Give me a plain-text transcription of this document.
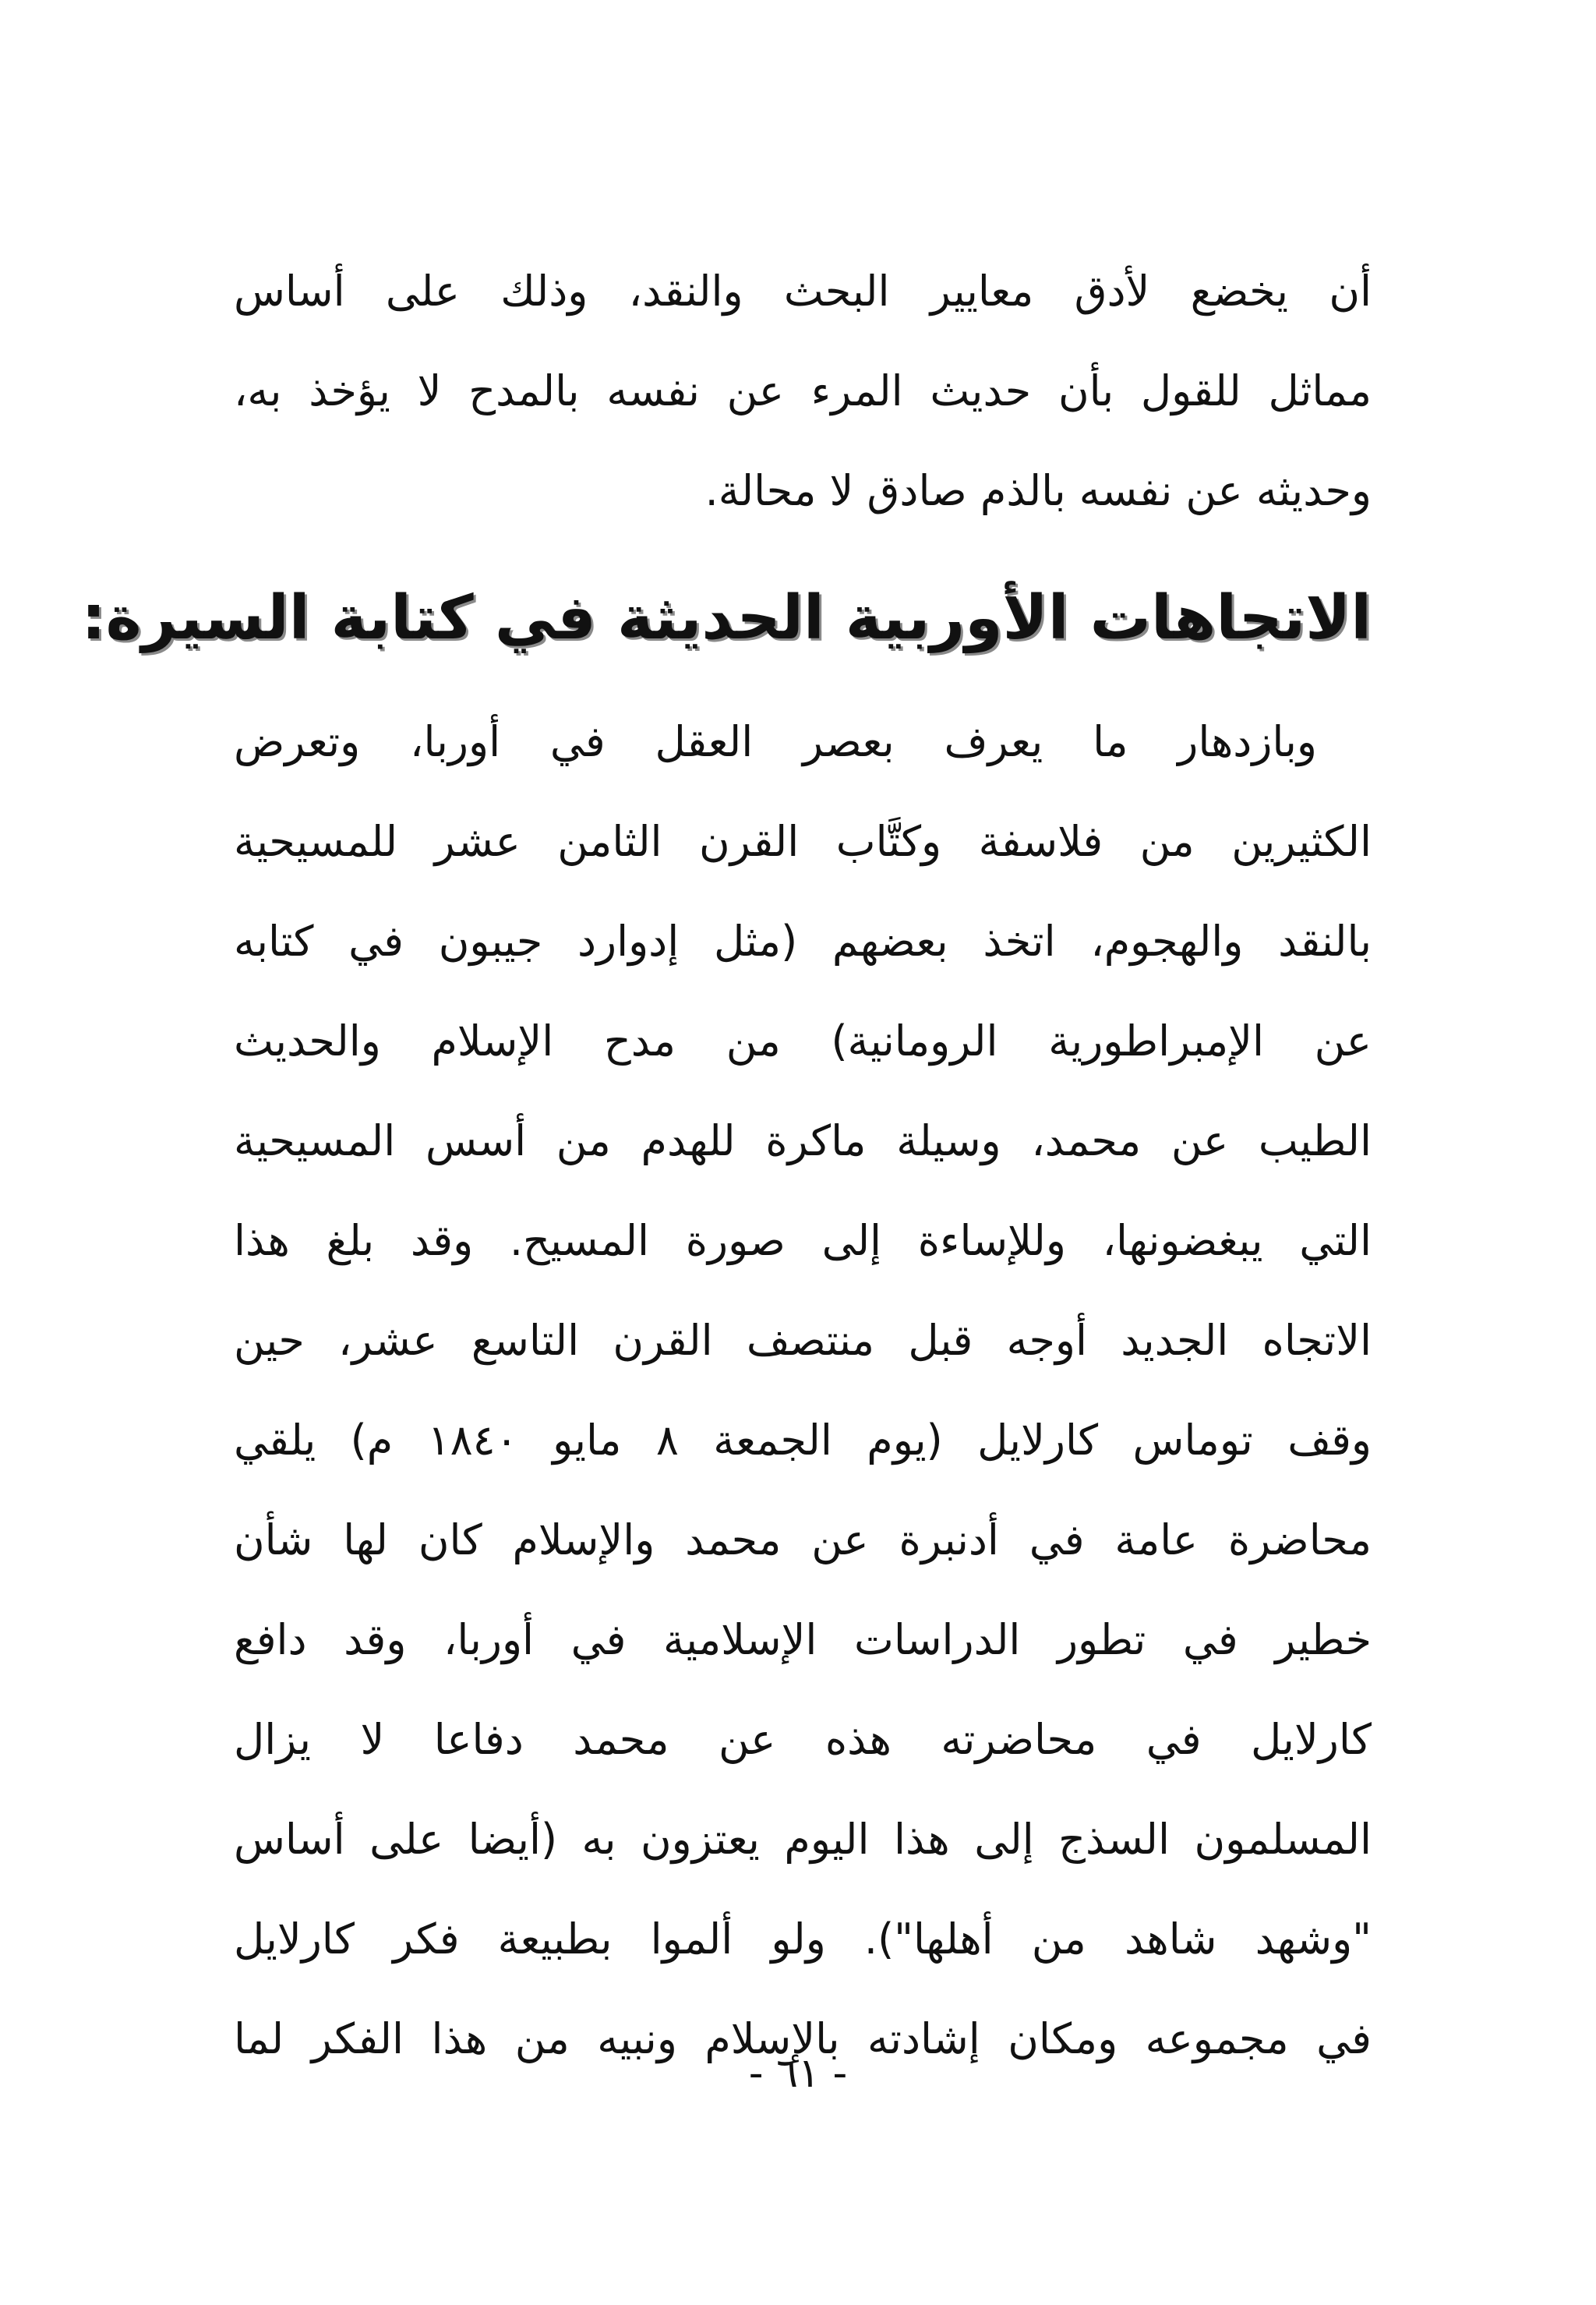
أن يخضع لأدق معايير البحث والنقد، وذلك على أساس
مماثل للقول بأن حديث المرء عن نفسه بالمدح لا يؤخذ به،
وحديثه عن نفسه بالذم صادق لا محالة.
الاتجاهات الأوربية الحديثة في كتابة السيرة:
وبازدهار ما يعرف بعصر العقل في أوربا، وتعرض
الكثيرين من فلاسفة وكتَّاب القرن الثامن عشر للمسيحية
بالنقد والهجوم، اتخذ بعضهم (مثل إدوارد جيبون في كتابه
عن الإمبراطورية الرومانية) من مدح الإسلام والحديث
الطيب عن محمد، وسيلة ماكرة للهدم من أسس المسيحية
التي يبغضونها، وللإساءة إلى صورة المسيح. وقد بلغ هذا
الاتجاه الجديد أوجه قبل منتصف القرن التاسع عشر، حين
وقف توماس كارلايل (يوم الجمعة ٨ مايو ١٨٤٠ م) يلقي
محاضرة عامة في أدنبرة عن محمد والإسلام كان لها شأن
خطير في تطور الدراسات الإسلامية في أوربا، وقد دافع
كارلايل في محاضرته هذه عن محمد دفاعا لا يزال
المسلمون السذج إلى هذا اليوم يعتزون به (أيضا على أساس
"وشهد شاهد من أهلها"). ولو ألموا بطبيعة فكر كارلايل
في مجموعه ومكان إشادته بالإسلام ونبيه من هذا الفكر لما
- ٦١ -
